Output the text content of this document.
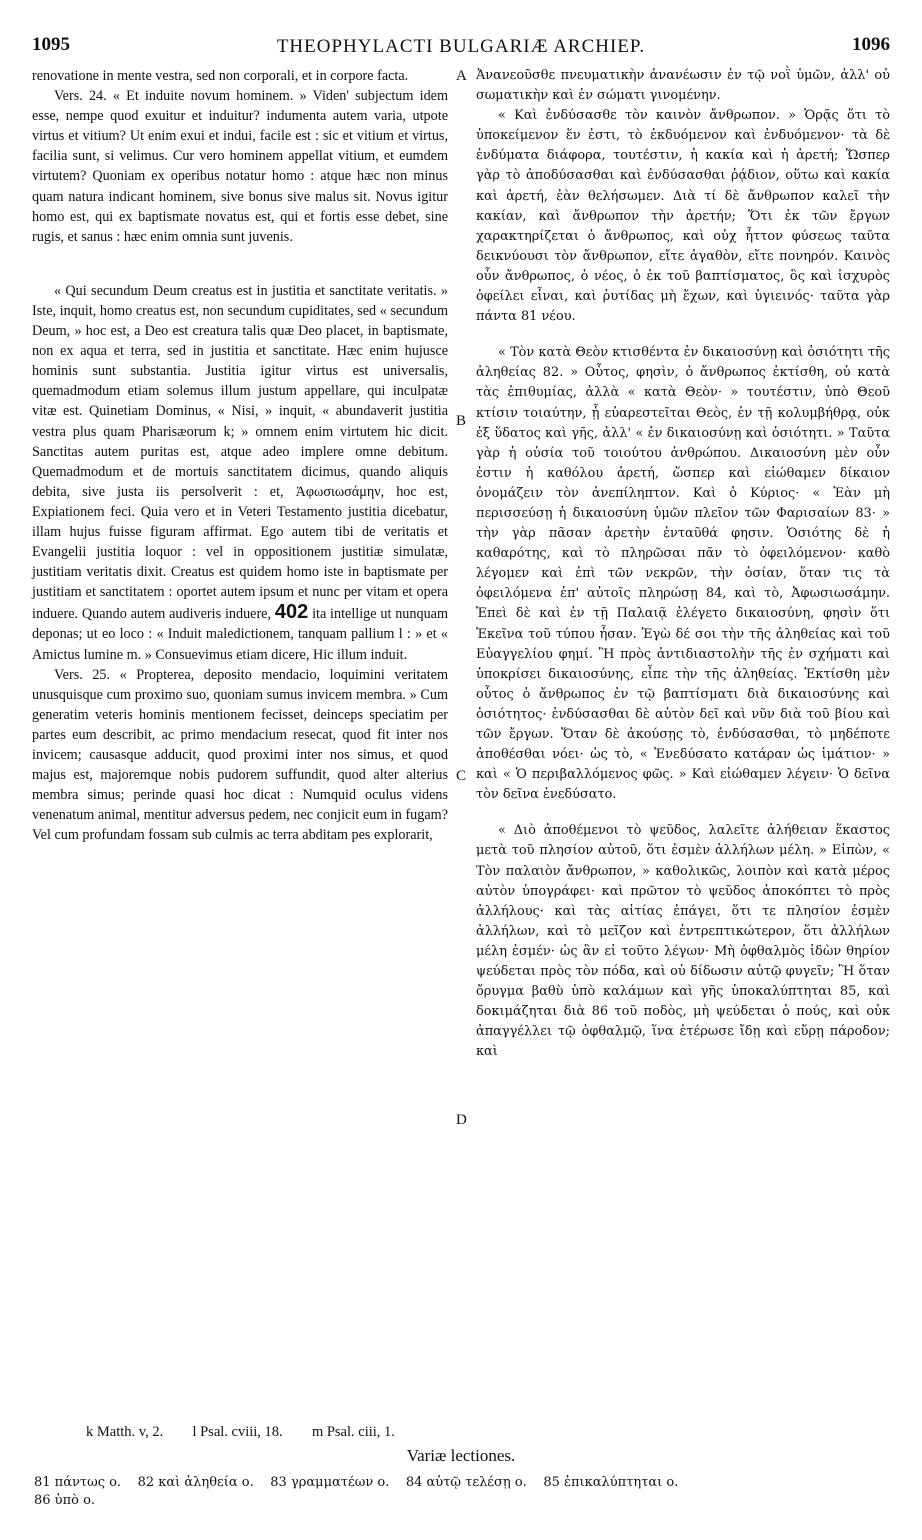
1095	THEOPHYLACTI BULGARIÆ ARCHIEP.	1096

renovatione in mente vestra, sed non corporali, et in corpore facta.

Vers. 24. « Et induite novum hominem. » Viden' subjectum idem esse, nempe quod exuitur et induitur? indumenta autem varia, utpote virtus et vitium? Ut enim exui et indui, facile est : sic et vitium et virtus, facilia sunt, si velimus. Cur vero hominem appellat vitium, et eumdem virtutem? Quoniam ex operibus notatur homo : atque hæc non minus quam natura indicant hominem, sive bonus sive malus sit. Novus igitur homo est, qui ex baptismate novatus est, qui et fortis esse debet, sine rugis, et sanus : hæc enim omnia sunt juvenis.

« Qui secundum Deum creatus est in justitia et sanctitate veritatis. » Iste, inquit, homo creatus est, non secundum cupiditates, sed « secundum Deum, » hoc est, a Deo est creatura talis quæ Deo placet, in baptismate, non ex aqua et terra, sed in justitia et sanctitate. Hæc enim hujusce hominis sunt substantia. Justitia igitur virtus est universalis, quemadmodum etiam solemus illum justum appellare, qui inculpatæ vitæ est. Quinetiam Dominus, « Nisi, » inquit, « abundaverit justitia vestra plus quam Pharisæorum k; » omnem enim virtutem hic dicit. Sanctitas autem puritas est, atque adeo implere omne debitum. Quemadmodum et de mortuis sanctitatem dicimus, quando aliquis debita, sive justa iis persolverit : et, Ἀφωσιωσάμην, hoc est, Expiationem feci. Quia vero et in Veteri Testamento justitia dicebatur, illam hujus fuisse figuram affirmat. Ego autem tibi de veritatis et Evangelii justitia loquor : vel in oppositionem justitiæ simulatæ, justitiam veritatis dixit. Creatus est quidem homo iste in baptismate per justitiam et sanctitatem : oportet autem ipsum et nunc per vitam et opera induere. Quando autem audiveris induere, 402 ita intellige ut nunquam deponas; ut eo loco : « Induit maledictionem, tanquam pallium l : » et « Amictus lumine m. » Consuevimus etiam dicere, Hic illum induit.

Vers. 25. « Propterea, deposito mendacio, loquimini veritatem unusquisque cum proximo suo, quoniam sumus invicem membra. » Cum generatim veteris hominis mentionem fecisset, deinceps speciatim per partes eum describit, ac primo mendacium resecat, quod fit inter nos invicem; causasque adducit, quod proximi inter nos simus, et quod majus est, majoremque nobis pudorem suffundit, quod alter alterius membra simus; perinde quasi hoc dicat : Numquid oculus videns venenatum animal, mentitur adversus pedem, nec conjicit eum in fugam? Vel cum profundam fossam sub culmis ac terra abditam pes explorarit,

A
B
C
D

Ἀνανεοῦσθε πνευματικὴν ἀνανέωσιν ἐν τῷ νοῒ ὑμῶν, ἀλλ' οὐ σωματικὴν καὶ ἐν σώματι γινομένην.

« Καὶ ἐνδύσασθε τὸν καινὸν ἄνθρωπον. » Ὁρᾷς ὅτι τὸ ὑποκείμενον ἕν ἐστι, τὸ ἐκδυόμενον καὶ ἐνδυόμενον· τὰ δὲ ἐνδύματα διάφορα, τουτέστιν, ἡ κακία καὶ ἡ ἀρετή; Ὥσπερ γὰρ τὸ ἀποδύσασθαι καὶ ἐνδύσασθαι ῥᾴδιον, οὕτω καὶ κακία καὶ ἀρετή, ἐὰν θελήσωμεν. Διὰ τί δὲ ἄνθρωπον καλεῖ τὴν κακίαν, καὶ ἄνθρωπον τὴν ἀρετήν; Ὅτι ἐκ τῶν ἔργων χαρακτηρίζεται ὁ ἄνθρωπος, καὶ οὐχ ἧττον φύσεως ταῦτα δεικνύουσι τὸν ἄνθρωπον, εἴτε ἀγαθὸν, εἴτε πονηρόν. Καινὸς οὖν ἄνθρωπος, ὁ νέος, ὁ ἐκ τοῦ βαπτίσματος, ὃς καὶ ἰσχυρὸς ὀφείλει εἶναι, καὶ ῥυτίδας μὴ ἔχων, καὶ ὑγιεινός· ταῦτα γὰρ πάντα 81 νέου.

« Τὸν κατὰ Θεὸν κτισθέντα ἐν δικαιοσύνῃ καὶ ὁσιότητι τῆς ἀληθείας 82. » Οὗτος, φησὶν, ὁ ἄνθρωπος ἐκτίσθη, οὐ κατὰ τὰς ἐπιθυμίας, ἀλλὰ « κατὰ Θεὸν· » τουτέστιν, ὑπὸ Θεοῦ κτίσιν τοιαύτην, ᾗ εὐαρεστεῖται Θεὸς, ἐν τῇ κολυμβήθρᾳ, οὐκ ἐξ ὕδατος καὶ γῆς, ἀλλ' « ἐν δικαιοσύνῃ καὶ ὁσιότητι. » Ταῦτα γὰρ ἡ οὐσία τοῦ τοιούτου ἀνθρώπου. Δικαιοσύνη μὲν οὖν ἐστιν ἡ καθόλου ἀρετή, ὥσπερ καὶ εἰώθαμεν δίκαιον ὀνομάζειν τὸν ἀνεπίληπτον. Καὶ ὁ Κύριος· « Ἐὰν μὴ περισσεύσῃ ἡ δικαιοσύνη ὑμῶν πλεῖον τῶν Φαρισαίων 83· » τὴν γὰρ πᾶσαν ἀρετὴν ἐνταῦθά φησιν. Ὁσιότης δὲ ἡ καθαρότης, καὶ τὸ πληρῶσαι πᾶν τὸ ὀφειλόμενον· καθὸ λέγομεν καὶ ἐπὶ τῶν νεκρῶν, τὴν ὁσίαν, ὅταν τις τὰ ὀφειλόμενα ἐπ' αὐτοῖς πληρώσῃ 84, καὶ τὸ, Ἀφωσιωσάμην. Ἐπεὶ δὲ καὶ ἐν τῇ Παλαιᾷ ἐλέγετο δικαιοσύνη, φησὶν ὅτι Ἐκεῖνα τοῦ τύπου ἦσαν. Ἐγὼ δέ σοι τὴν τῆς ἀληθείας καὶ τοῦ Εὐαγγελίου φημί. Ἢ πρὸς ἀντιδιαστολὴν τῆς ἐν σχήματι καὶ ὑποκρίσει δικαιοσύνης, εἶπε τὴν τῆς ἀληθείας. Ἐκτίσθη μὲν οὗτος ὁ ἄνθρωπος ἐν τῷ βαπτίσματι διὰ δικαιοσύνης καὶ ὁσιότητος· ἐνδύσασθαι δὲ αὐτὸν δεῖ καὶ νῦν διὰ τοῦ βίου καὶ τῶν ἔργων. Ὅταν δὲ ἀκούσῃς τὸ, ἐνδύσασθαι, τὸ μηδέποτε ἀποθέσθαι νόει· ὡς τὸ, « Ἐνεδύσατο κατάραν ὡς ἱμάτιον· » καὶ « Ὁ περιβαλλόμενος φῶς. » Καὶ εἰώθαμεν λέγειν· Ὁ δεῖνα τὸν δεῖνα ἐνεδύσατο.

« Διὸ ἀποθέμενοι τὸ ψεῦδος, λαλεῖτε ἀλήθειαν ἕκαστος μετὰ τοῦ πλησίον αὐτοῦ, ὅτι ἐσμὲν ἀλλήλων μέλη. » Εἰπὼν, « Τὸν παλαιὸν ἄνθρωπον, » καθολικῶς, λοιπὸν καὶ κατὰ μέρος αὐτὸν ὑπογράφει· καὶ πρῶτον τὸ ψεῦδος ἀποκόπτει τὸ πρὸς ἀλλήλους· καὶ τὰς αἰτίας ἐπάγει, ὅτι τε πλησίον ἐσμὲν ἀλλήλων, καὶ τὸ μεῖζον καὶ ἐντρεπτικώτερον, ὅτι ἀλλήλων μέλη ἐσμέν· ὡς ἂν εἰ τοῦτο λέγων· Μὴ ὀφθαλμὸς ἰδὼν θηρίον ψεύδεται πρὸς τὸν πόδα, καὶ οὐ δίδωσιν αὐτῷ φυγεῖν; Ἢ ὅταν ὄρυγμα βαθὺ ὑπὸ καλάμων καὶ γῆς ὑποκαλύπτηται 85, καὶ δοκιμάζηται διὰ 86 τοῦ ποδὸς, μὴ ψεύδεται ὁ πούς, καὶ οὐκ ἀπαγγέλλει τῷ ὀφθαλμῷ, ἵνα ἑτέρωσε ἴδῃ καὶ εὕρῃ πάροδον; καὶ

k Matth. v, 2. l Psal. cviii, 18. m Psal. ciii, 1.
Variæ lectiones.
81 πάντως ο.    82 καὶ ἀληθεία ο.    83 γραμματέων ο.    84 αὐτῷ τελέσῃ ο.    85 ἐπικαλύπτηται ο.
86 ὑπὸ ο.
